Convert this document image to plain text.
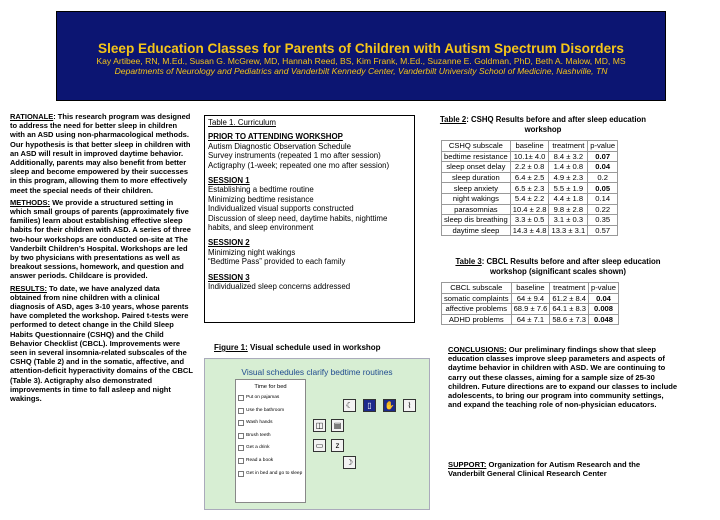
Sleep Education Classes for Parents of Children with Autism Spectrum Disorders
Kay Artibee, RN, M.Ed., Susan G. McGrew, MD, Hannah Reed, BS, Kim Frank, M.Ed., Suzanne E. Goldman, PhD, Beth A. Malow, MD, MS
Departments of Neurology and Pediatrics and Vanderbilt Kennedy Center, Vanderbilt University School of Medicine, Nashville, TN

RATIONALE: This research program was designed to address the need for better sleep in children with an ASD using non-pharmacological methods. Our hypothesis is that better sleep in children with an ASD will result in improved daytime behavior. Additionally, parents may also benefit from better sleep and become empowered by their successes in this program, allowing them to more effectively meet the special needs of their children.

METHODS: We provide a structured setting in which small groups of parents (approximately five families) learn about establishing effective sleep habits for their children with ASD. A series of three two-hour workshops are conducted on-site at The Vanderbilt Children’s Hospital. Workshops are led by two physicians with presentations as well as breakout sessions, homework, and question and answer periods. Childcare is provided.

RESULTS: To date, we have analyzed data obtained from nine children with a clinical diagnosis of ASD, ages 3-10 years, whose parents have completed the workshop. Paired t-tests were performed to detect change in the Child Sleep Habits Questionnaire (CSHQ) and the Child Behavior Checklist (CBCL). Improvements were seen in several insomnia-related subscales of the CSHQ (Table 2) and in the somatic, affective, and attention-deficit hyperactivity domains of the CBCL (Table 3). Actigraphy also demonstrated improvements in time to fall asleep and night wakings.

Table 1. Curriculum
PRIOR TO ATTENDING WORKSHOP
Autism Diagnostic Observation Schedule
Survey instruments (repeated 1 mo after session)
Actigraphy (1-week; repeated one mo after session)
SESSION 1
Establishing a bedtime routine
Minimizing bedtime resistance
Individualized visual supports constructed
Discussion of sleep need, daytime habits, nighttime habits, and sleep environment
SESSION 2
Minimizing night wakings
“Bedtime Pass” provided to each family
SESSION 3
Individualized sleep concerns addressed
Table 2: CSHQ Results before and after sleep education workshop
CSHQ subscale	baseline	treatment	p-value
bedtime resistance	10.1± 4.0	8.4 ± 3.2	0.07
sleep onset delay	2.2 ± 0.8	1.4 ± 0.8	0.04
sleep duration	6.4 ± 2.5	4.9 ± 2.3	0.2
sleep anxiety	6.5 ± 2.3	5.5 ± 1.9	0.05
night wakings	5.4 ± 2.2	4.4 ± 1.8	0.14
parasomnias	10.4 ± 2.8	9.8 ± 2.8	0.22
sleep dis breathing	3.3 ± 0.5	3.1 ± 0.3	0.35
daytime sleep	14.3 ± 4.8	13.3 ± 3.1	0.57
Table 3: CBCL Results before and after sleep education workshop (significant scales shown)
CBCL subscale	baseline	treatment	p-value
somatic complaints	64 ± 9.4	61.2 ± 8.4	0.04
affective problems	68.9 ± 7.6	64.1 ± 8.3	0.008
ADHD problems	64 ± 7.1	58.6 ± 7.3	0.048
Figure 1: Visual schedule used in workshop
Visual schedules clarify bedtime routines
Time for bed
Put on pajamas
Use the bathroom
Wash hands
Brush teeth
Get a drink
Read a book
Get in bed and go to sleep
☾	▯	✋	⌇
◫	▤
▭	z
☽
CONCLUSIONS: Our preliminary findings show that sleep education classes improve sleep parameters and aspects of daytime behavior in children with ASD. We are continuing to carry out these classes, aiming for a sample size of 25-30 children. Future directions are to expand our classes to include adolescents, to bring our program into community settings, and expand the teaching role of non-physician educators.
SUPPORT: Organization for Autism Research and the Vanderbilt General Clinical Research Center
